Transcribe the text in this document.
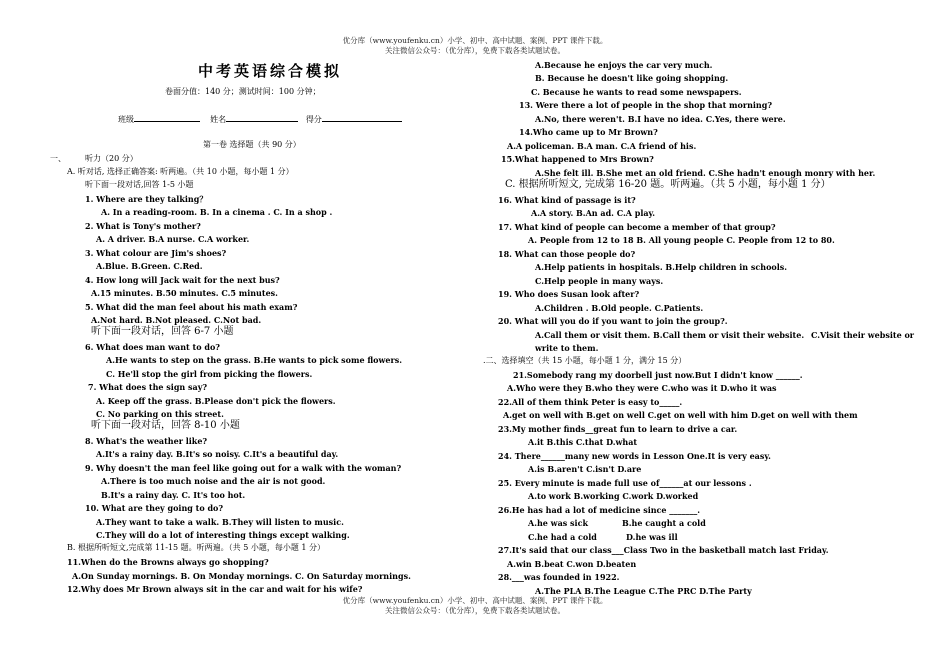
优分库（www.youfenku.cn）小学、初中、高中试题、案例、PPT 课件下载。
关注微信公众号：（优分库），免费下载各类试题试卷。
中考英语综合模拟
卷面分值：140 分；测试时间：100 分钟；
班级	姓名	得分
第一卷 选择题（共 90 分）
一、 听力（20 分）
A. 听对话, 选择正确答案: 听两遍。（共 10 小题，每小题 1 分）
听下面一段对话,回答 1-5 小题
1. Where are they talking？
A. In a reading-room. B. In a cinema . C. In a shop .
2. What is Tony's mother?
A. A driver. B.A nurse. C.A worker.
3. What colour are Jim's shoes?
A.Blue. B.Green. C.Red.
4. How long will Jack wait for the next bus?
A.15 minutes. B.50 minutes. C.5 minutes.
5. What did the man feel about his math exam?
A.Not hard. B.Not pleased. C.Not bad.
听下面一段对话，回答 6-7 小题
6. What does man want to do?
A.He wants to step on the grass. B.He wants to pick some flowers.
C. He'll stop the girl from picking the flowers.
7. What does the sign say?
A. Keep off the grass. B.Please don't pick the flowers.
C. No parking on this street.
听下面一段对话，回答 8-10 小题
8. What's the weather like?
A.It's a rainy day. B.It's so noisy. C.It's a beautiful day.
9. Why doesn't the man feel like going out for a walk with the woman?
A.There is too much noise and the air is not good.
B.It's a rainy day. C. It's too hot.
10. What are they going to do?
A.They want to take a walk. B.They will listen to music.
C.They will do a lot of interesting things except walking.
B. 根据所听短文,完成第 11-15 题。听两遍。（共 5 小题，每小题 1 分）
11.When do the Browns always go shopping?
A.On Sunday mornings. B. On Monday mornings. C. On Saturday mornings.
12.Why does Mr Brown always sit in the car and wait for his wife?
A.Because he enjoys the car very much.
B. Because he doesn't like going shopping.
C. Because he wants to read some newspapers.
13. Were there a lot of people in the shop that morning?
A.No, there weren't. B.I have no idea. C.Yes, there were.
14.Who came up to Mr Brown?
A.A policeman. B.A man. C.A friend of his.
15.What happened to Mrs Brown?
A.She felt ill. B.She met an old friend. C.She hadn't enough monry with her.
C. 根据所听短文, 完成第 16-20 题。听两遍。（共 5 小题，每小题 1 分）
16. What kind of passage is it?
A.A story. B.An ad. C.A play.
17. What kind of people can become a member of that group?
A. People from 12 to 18 B. All young people C. People from 12 to 80.
18. What can those people do?
A.Help patients in hospitals. B.Help children in schools.
C.Help people in many ways.
19. Who does Susan look after?
A.Children . B.Old people. C.Patients.
20. What will you do if you want to join the group?.
A.Call them or visit them. B.Call them or visit their website. C.Visit their website or
write to them.
.二、选择填空（共 15 小题，每小题 1 分，满分 15 分）
21.Somebody rang my doorbell just now.But I didn't know ______.
A.Who were they B.who they were C.who was it D.who it was
22.All of them think Peter is easy to_____.
A.get on well with B.get on well C.get on well with him D.get on well with them
23.My mother finds__great fun to learn to drive a car.
A.it B.this C.that D.what
24. There______many new words in Lesson One.It is very easy.
A.is B.aren't C.isn't D.are
25. Every minute is made full use of______at our lessons .
A.to work B.working C.work D.worked
26.He has had a lot of medicine since _______.
A.he was sick	B.he caught a cold
C.he had a cold	D.he was ill
27.It's said that our class___Class Two in the basketball match last Friday.
A.win B.beat C.won D.beaten
28.___was founded in 1922.
A.The PLA B.The League C.The PRC D.The Party
优分库（www.youfenku.cn）小学、初中、高中试题、案例、PPT 课件下载。
关注微信公众号：（优分库），免费下载各类试题试卷。
